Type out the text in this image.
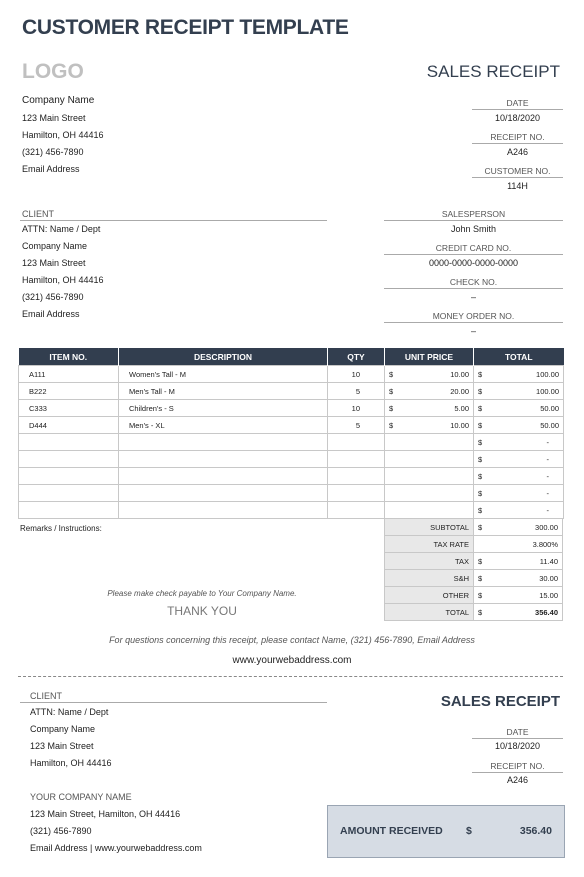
CUSTOMER RECEIPT TEMPLATE
LOGO	SALES RECEIPT
Company Name
123 Main Street
Hamilton, OH 44416
(321) 456-7890
Email Address
DATE
10/18/2020
RECEIPT NO.
A246
CUSTOMER NO.
114H
CLIENT
ATTN: Name / Dept
Company Name
123 Main Street
Hamilton, OH 44416
(321) 456-7890
Email Address
SALESPERSON
John Smith
CREDIT CARD NO.
0000-0000-0000-0000
CHECK NO.
–
MONEY ORDER NO.
–
ITEM NO.	DESCRIPTION	QTY	UNIT PRICE	TOTAL
A111	Women's Tall - M	10	$ 10.00	$ 100.00

B222	Men's Tall - M	5	$ 20.00	$ 100.00

C333	Children's - S	10	$ 5.00	$ 50.00

D444	Men's - XL	5	$ 10.00	$ 50.00

				$ -

				$ -

				$ -

				$ -

				$ -
Remarks / Instructions:
Please make check payable to Your Company Name.
THANK YOU
SUBTOTAL	$ 300.00

TAX RATE	3.800%

TAX	$ 11.40

S&H	$ 30.00

OTHER	$ 15.00

TOTAL	$ 356.40
For questions concerning this receipt, please contact Name, (321) 456-7890, Email Address
www.yourwebaddress.com
CLIENT
ATTN: Name / Dept
Company Name
123 Main Street
Hamilton, OH 44416
SALES RECEIPT
DATE
10/18/2020
RECEIPT NO.
A246
YOUR COMPANY NAME
123 Main Street, Hamilton, OH 44416
(321) 456-7890
Email Address | www.yourwebaddress.com
AMOUNT RECEIVED $	356.40
